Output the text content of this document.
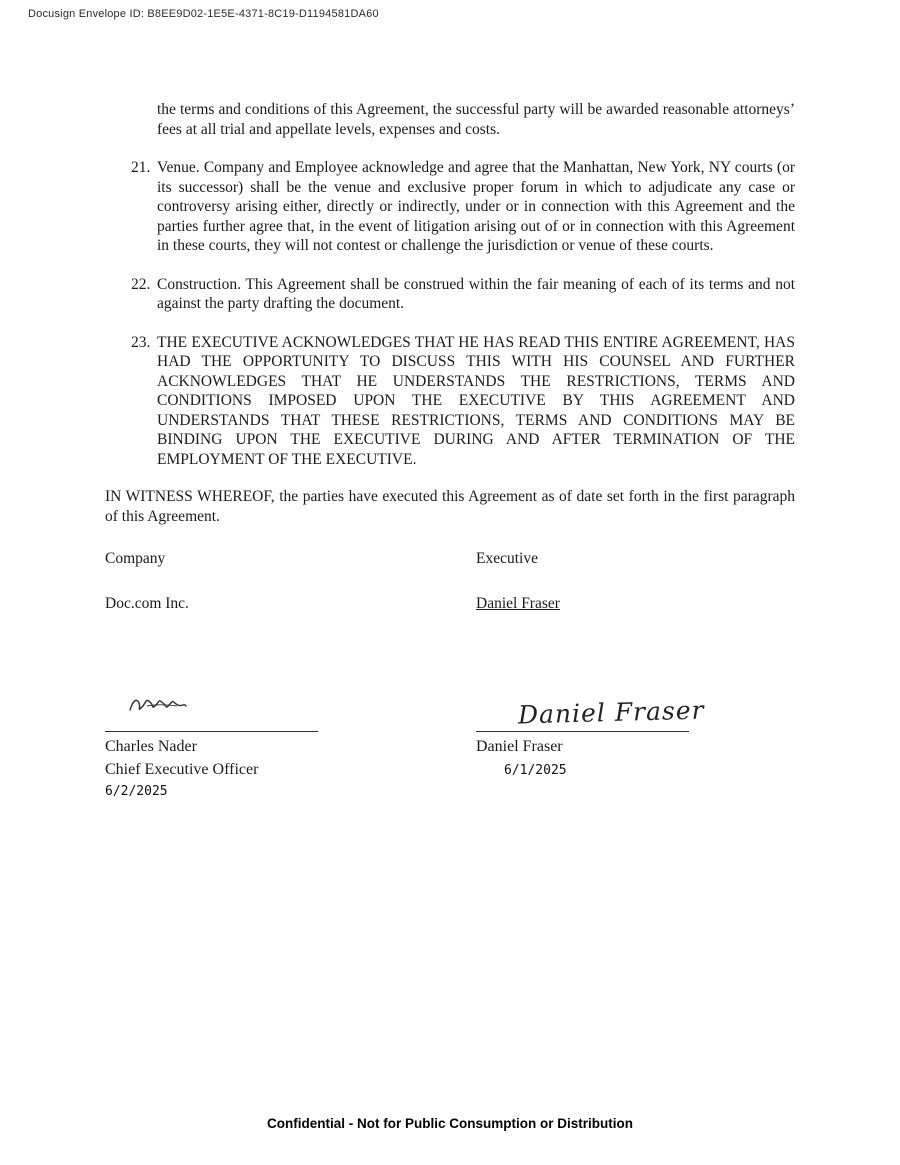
Docusign Envelope ID: B8EE9D02-1E5E-4371-8C19-D1194581DA60

the terms and conditions of this Agreement, the successful party will be awarded reasonable attorneys’ fees at all trial and appellate levels, expenses and costs.

21. Venue. Company and Employee acknowledge and agree that the Manhattan, New York, NY courts (or its successor) shall be the venue and exclusive proper forum in which to adjudicate any case or controversy arising either, directly or indirectly, under or in connection with this Agreement and the parties further agree that, in the event of litigation arising out of or in connection with this Agreement in these courts, they will not contest or challenge the jurisdiction or venue of these courts.
22. Construction. This Agreement shall be construed within the fair meaning of each of its terms and not against the party drafting the document.
23. THE EXECUTIVE ACKNOWLEDGES THAT HE HAS READ THIS ENTIRE AGREEMENT, HAS HAD THE OPPORTUNITY TO DISCUSS THIS WITH HIS COUNSEL AND FURTHER ACKNOWLEDGES THAT HE UNDERSTANDS THE RESTRICTIONS, TERMS AND CONDITIONS IMPOSED UPON THE EXECUTIVE BY THIS AGREEMENT AND UNDERSTANDS THAT THESE RESTRICTIONS, TERMS AND CONDITIONS MAY BE BINDING UPON THE EXECUTIVE DURING AND AFTER TERMINATION OF THE EMPLOYMENT OF THE EXECUTIVE.

IN WITNESS WHEREOF, the parties have executed this Agreement as of date set forth in the first paragraph of this Agreement.

Company	Executive
Doc.com Inc.	Daniel Fraser
Charles Nader
Chief Executive Officer
6/2/2025
Daniel Fraser
Daniel Fraser
6/1/2025
Confidential - Not for Public Consumption or Distribution
